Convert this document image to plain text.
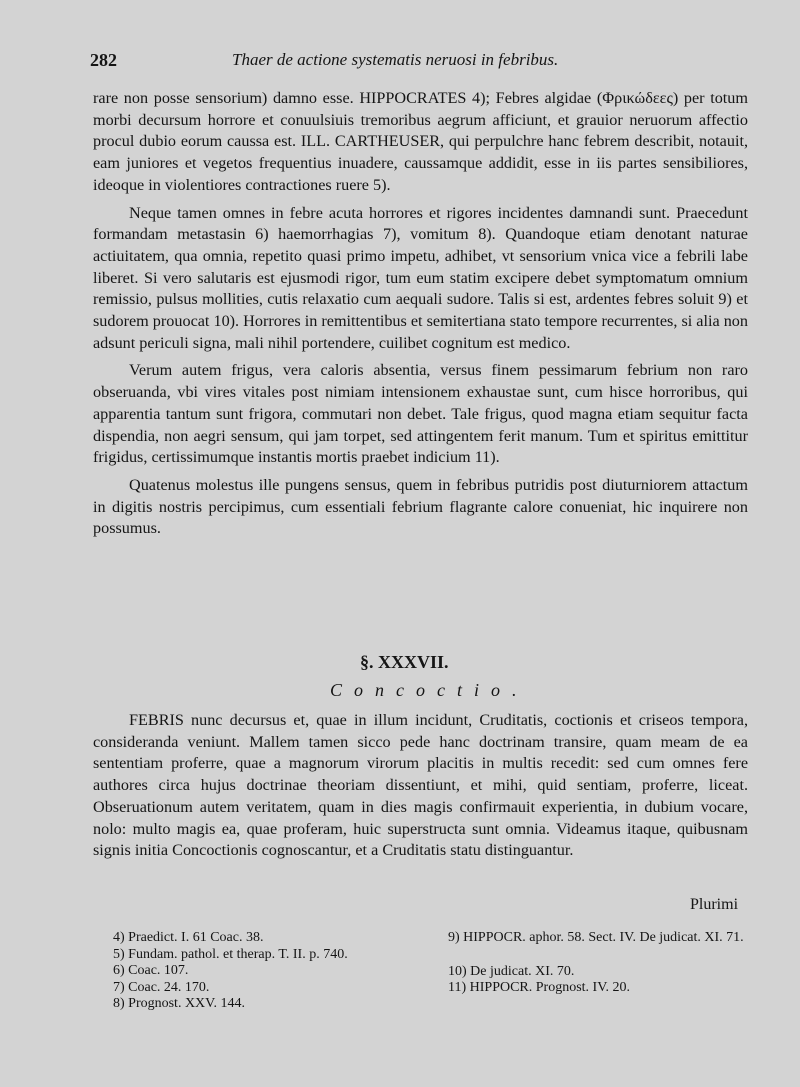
282	Thaer de actione systematis neruosi in febribus.

rare non posse sensorium) damno esse. HIPPOCRATES 4); Febres algidae (Φρικώδεες) per totum morbi decursum horrore et conuulsiuis tremoribus aegrum afficiunt, et grauior neruorum affectio procul dubio eorum caussa est. ILL. CARTHEUSER, qui perpulchre hanc febrem describit, notauit, eam juniores et vegetos frequentius inuadere, caussamque addidit, esse in iis partes sensibiliores, ideoque in violentiores contractiones ruere 5).

Neque tamen omnes in febre acuta horrores et rigores incidentes damnandi sunt. Praecedunt formandam metastasin 6) haemorrhagias 7), vomitum 8). Quandoque etiam denotant naturae actiuitatem, qua omnia, repetito quasi primo impetu, adhibet, vt sensorium vnica vice a febrili labe liberet. Si vero salutaris est ejusmodi rigor, tum eum statim excipere debet symptomatum omnium remissio, pulsus mollities, cutis relaxatio cum aequali sudore. Talis si est, ardentes febres soluit 9) et sudorem prouocat 10). Horrores in remittentibus et semitertiana stato tempore recurrentes, si alia non adsunt periculi signa, mali nihil portendere, cuilibet cognitum est medico.

Verum autem frigus, vera caloris absentia, versus finem pessimarum febrium non raro obseruanda, vbi vires vitales post nimiam intensionem exhaustae sunt, cum hisce horroribus, qui apparentia tantum sunt frigora, commutari non debet. Tale frigus, quod magna etiam sequitur facta dispendia, non aegri sensum, qui jam torpet, sed attingentem ferit manum. Tum et spiritus emittitur frigidus, certissimumque instantis mortis praebet indicium 11).

Quatenus molestus ille pungens sensus, quem in febribus putridis post diuturniorem attactum in digitis nostris percipimus, cum essentiali febrium flagrante calore conueniat, hic inquirere non possumus.

§. XXXVII.
Concoctio.

FEBRIS nunc decursus et, quae in illum incidunt, Cruditatis, coctionis et criseos tempora, consideranda veniunt. Mallem tamen sicco pede hanc doctrinam transire, quam meam de ea sententiam proferre, quae a magnorum virorum placitis in multis recedit: sed cum omnes fere authores circa hujus doctrinae theoriam dissentiunt, et mihi, quid sentiam, proferre, liceat. Obseruationum autem veritatem, quam in dies magis confirmauit experientia, in dubium vocare, nolo: multo magis ea, quae proferam, huic superstructa sunt omnia. Videamus itaque, quibusnam signis initia Concoctionis cognoscantur, et a Cruditatis statu distinguantur.

Plurimi

4) Praedict. I. 61 Coac. 38.

5) Fundam. pathol. et therap. T. II. p. 740.

6) Coac. 107.

7) Coac. 24. 170.

8) Prognost. XXV. 144.

9) HIPPOCR. aphor. 58. Sect. IV. De judicat. XI. 71.

10) De judicat. XI. 70.

11) HIPPOCR. Prognost. IV. 20.
